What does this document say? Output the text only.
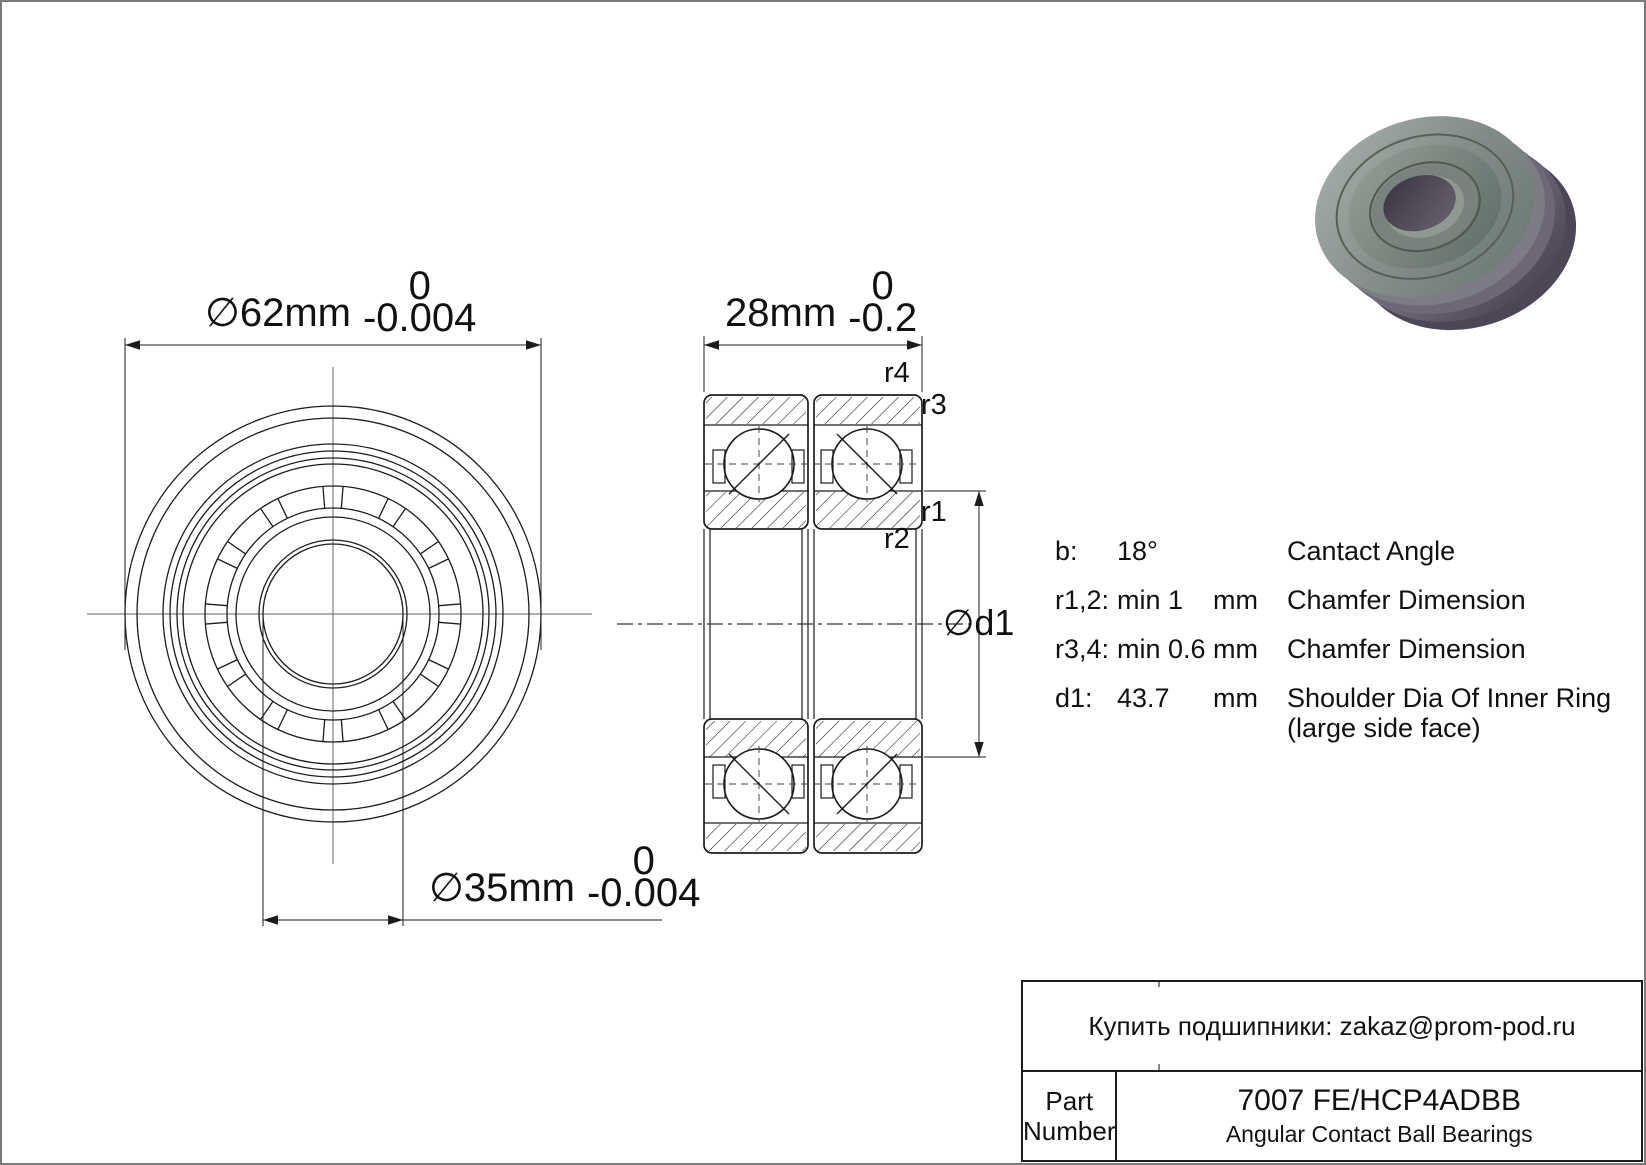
∅62mm
0
-0.004	28mm
0
-0.2
∅35mm
0
-0.004
∅d1
r4
r3
r1
r2	b:	18°	Cantact Angle
r1,2: min 1	mm	Chamfer Dimension
r3,4: min 0.6 mm	Chamfer Dimension
d1: 43.7	mm	Shoulder Dia Of Inner Ring
(large side face)
Купить подшипники: zakaz@prom-pod.ru
Part Number
7007 FE/HCP4ADBB
Angular Contact Ball Bearings
